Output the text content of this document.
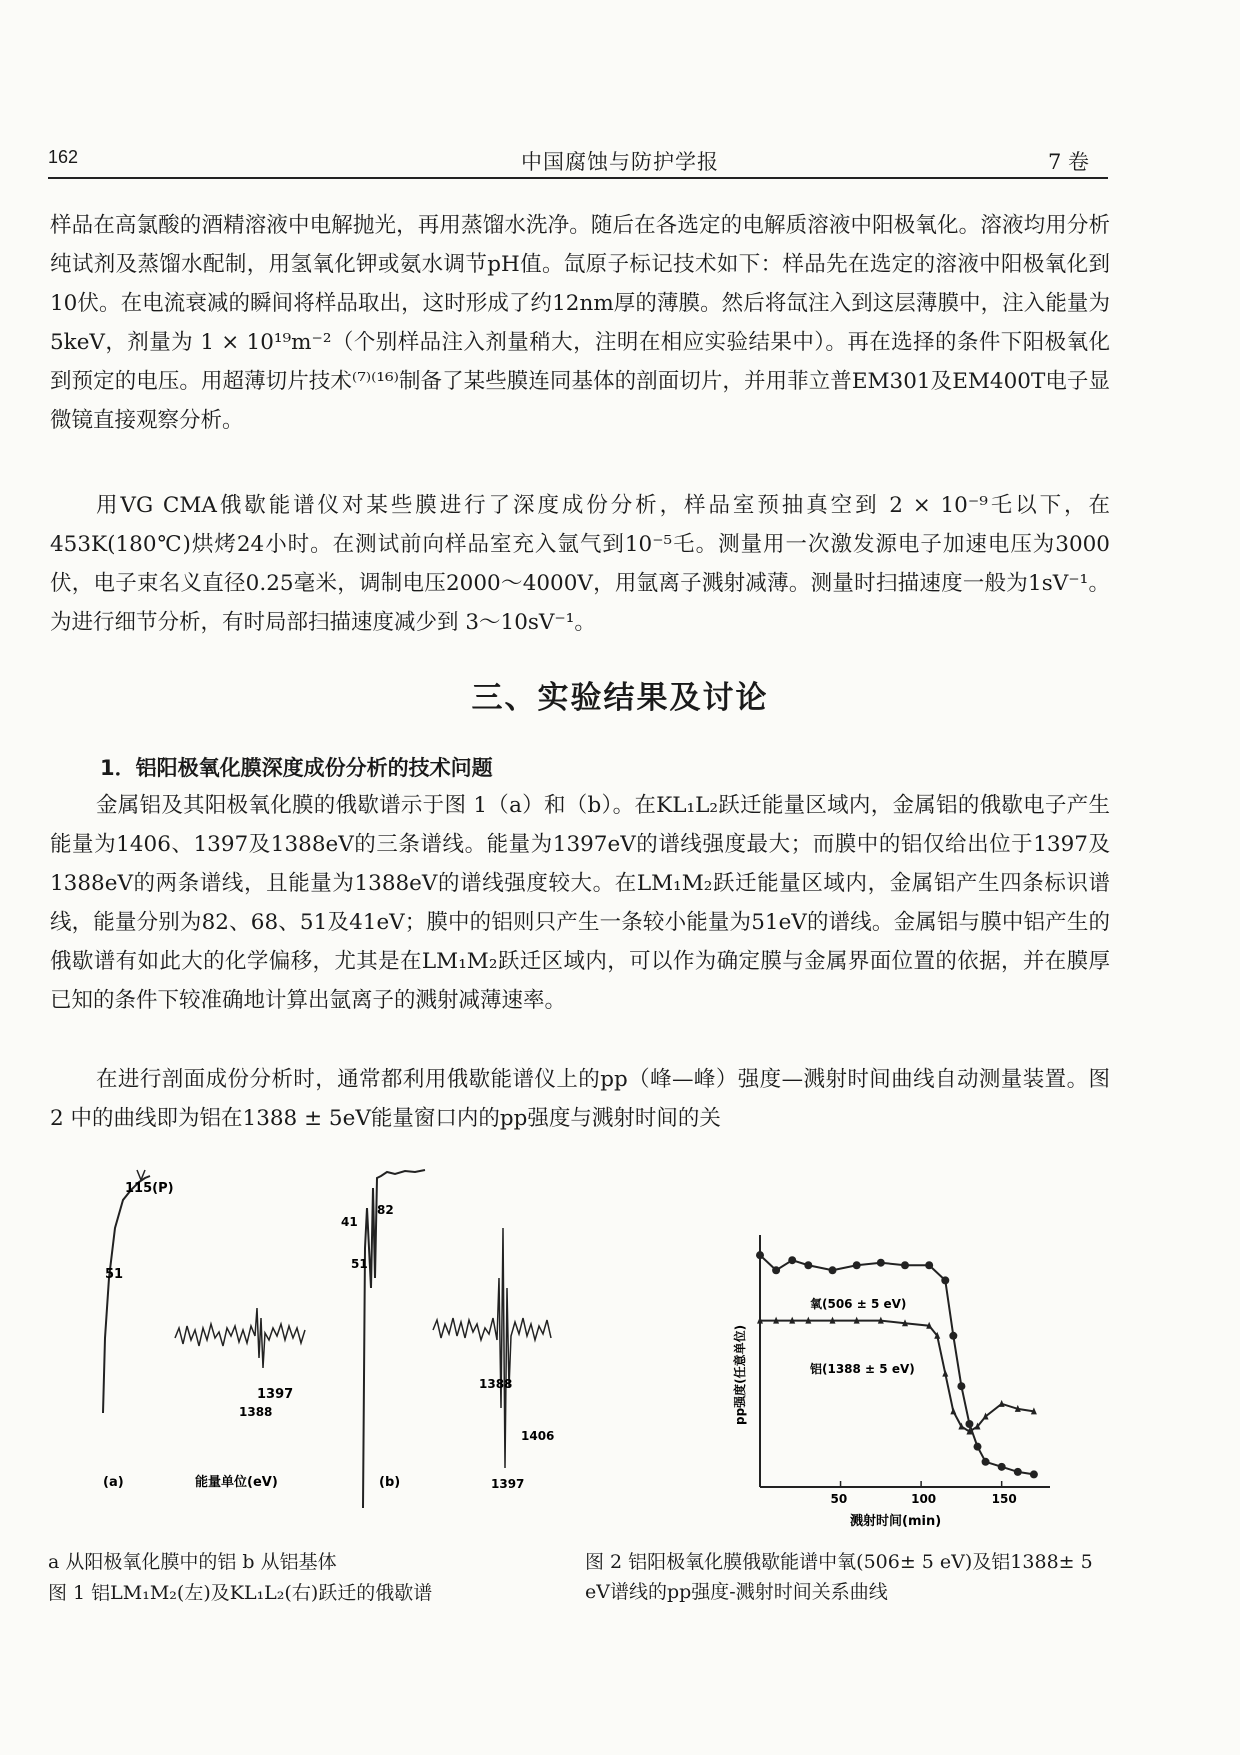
162	中国腐蚀与防护学报	7 卷

样品在高氯酸的酒精溶液中电解抛光，再用蒸馏水洗净。随后在各选定的电解质溶液中阳极氧化。溶液均用分析纯试剂及蒸馏水配制，用氢氧化钾或氨水调节pH值。氙原子标记技术如下：样品先在选定的溶液中阳极氧化到10伏。在电流衰减的瞬间将样品取出，这时形成了约12nm厚的薄膜。然后将氙注入到这层薄膜中，注入能量为5keV，剂量为 1 × 10¹⁹m⁻²（个别样品注入剂量稍大，注明在相应实验结果中）。再在选择的条件下阳极氧化到预定的电压。用超薄切片技术⁽⁷⁾⁽¹⁶⁾制备了某些膜连同基体的剖面切片，并用菲立普EM301及EM400T电子显微镜直接观察分析。

用VG CMA俄歇能谱仪对某些膜进行了深度成份分析，样品室预抽真空到 2 × 10⁻⁹乇以下，在453K(180℃)烘烤24小时。在测试前向样品室充入氩气到10⁻⁵乇。测量用一次激发源电子加速电压为3000伏，电子束名义直径0.25毫米，调制电压2000～4000V，用氩离子溅射减薄。测量时扫描速度一般为1sV⁻¹。为进行细节分析，有时局部扫描速度减少到 3～10sV⁻¹。

三、实验结果及讨论
1．铝阳极氧化膜深度成份分析的技术问题

金属铝及其阳极氧化膜的俄歇谱示于图 1（a）和（b）。在KL₁L₂跃迁能量区域内，金属铝的俄歇电子产生能量为1406、1397及1388eV的三条谱线。能量为1397eV的谱线强度最大；而膜中的铝仅给出位于1397及1388eV的两条谱线，且能量为1388eV的谱线强度较大。在LM₁M₂跃迁能量区域内，金属铝产生四条标识谱线，能量分别为82、68、51及41eV；膜中的铝则只产生一条较小能量为51eV的谱线。金属铝与膜中铝产生的俄歇谱有如此大的化学偏移，尤其是在LM₁M₂跃迁区域内，可以作为确定膜与金属界面位置的依据，并在膜厚已知的条件下较准确地计算出氩离子的溅射减薄速率。

在进行剖面成份分析时，通常都利用俄歇能谱仪上的pp（峰—峰）强度—溅射时间曲线自动测量装置。图 2 中的曲线即为铝在1388 ± 5eV能量窗口内的pp强度与溅射时间的关

115(P)
51
1397
1388
(a)	能量单位(eV)
41
82
51
1388
1406
1397
(b)
a 从阳极氧化膜中的铝 b 从铝基体
图 1 铝LM₁M₂(左)及KL₁L₂(右)跃迁的俄歇谱
pp强度(任意单位)
溅射时间(min)
50	100	150
氧(506 ± 5 eV)
铝(1388 ± 5 eV)
图 2 铝阳极氧化膜俄歇能谱中氧(506± 5 eV)及铝1388± 5 eV谱线的pp强度-溅射时间关系曲线
